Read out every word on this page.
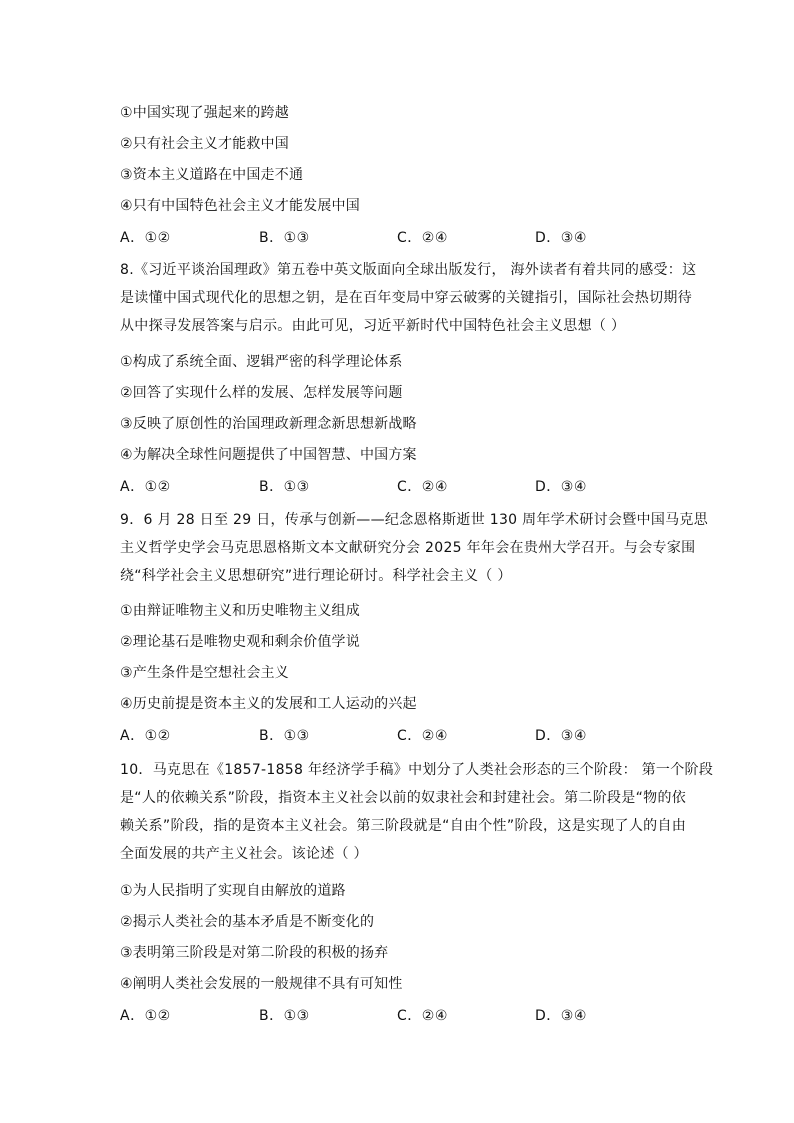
①中国实现了强起来的跨越
②只有社会主义才能救中国
③资本主义道路在中国走不通
④只有中国特色社会主义才能发展中国
A．①②	B．①③	C．②④	D．③④
8.《习近平谈治国理政》第五卷中英文版面向全球出版发行， 海外读者有着共同的感受：这
是读懂中国式现代化的思想之钥，是在百年变局中穿云破雾的关键指引，国际社会热切期待
从中探寻发展答案与启示。由此可见，习近平新时代中国特色社会主义思想（ ）
①构成了系统全面、逻辑严密的科学理论体系
②回答了实现什么样的发展、怎样发展等问题
③反映了原创性的治国理政新理念新思想新战略
④为解决全球性问题提供了中国智慧、中国方案
A．①②	B．①③	C．②④	D．③④
9．6 月 28 日至 29 日，传承与创新——纪念恩格斯逝世 130 周年学术研讨会暨中国马克思
主义哲学史学会马克思恩格斯文本文献研究分会 2025 年年会在贵州大学召开。与会专家围
绕“科学社会主义思想研究”进行理论研讨。科学社会主义（ ）
①由辩证唯物主义和历史唯物主义组成
②理论基石是唯物史观和剩余价值学说
③产生条件是空想社会主义
④历史前提是资本主义的发展和工人运动的兴起
A．①②	B．①③	C．②④	D．③④
10．马克思在《1857-1858 年经济学手稿》中划分了人类社会形态的三个阶段： 第一个阶段
是“人的依赖关系”阶段，指资本主义社会以前的奴隶社会和封建社会。第二阶段是“物的依
赖关系”阶段，指的是资本主义社会。第三阶段就是“自由个性”阶段，这是实现了人的自由
全面发展的共产主义社会。该论述（ ）
①为人民指明了实现自由解放的道路
②揭示人类社会的基本矛盾是不断变化的
③表明第三阶段是对第二阶段的积极的扬弃
④阐明人类社会发展的一般规律不具有可知性
A．①②	B．①③	C．②④	D．③④
